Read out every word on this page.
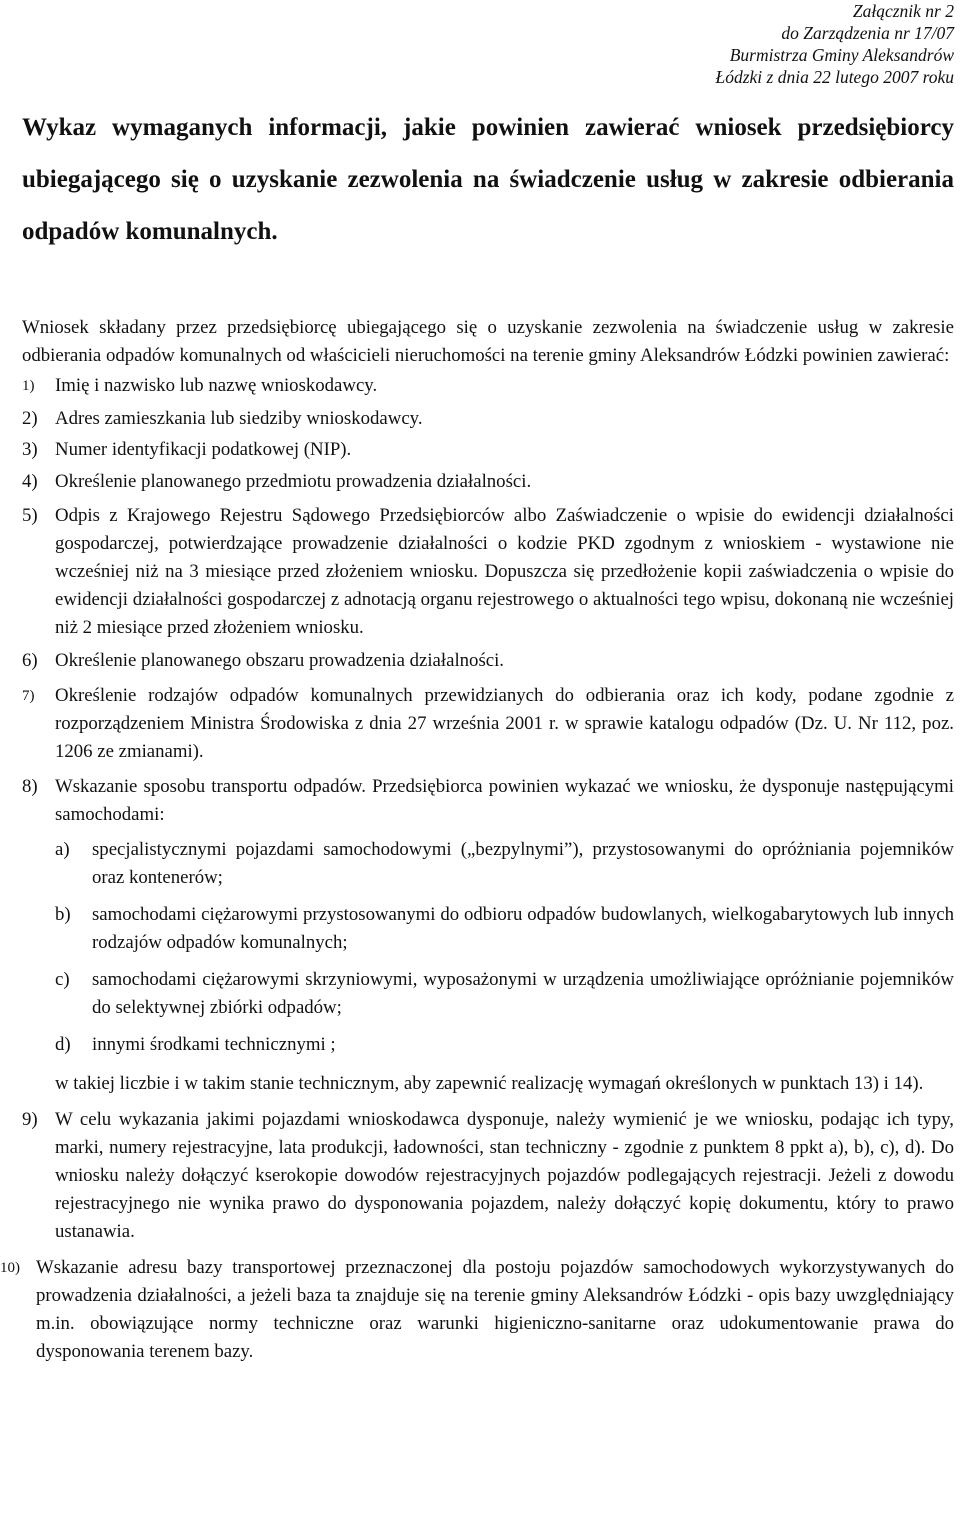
Załącznik nr 2
do Zarządzenia nr 17/07
Burmistrza Gminy Aleksandrów
Łódzki z dnia 22 lutego 2007 roku
Wykaz wymaganych informacji, jakie powinien zawierać wniosek przedsiębiorcy ubiegającego się o uzyskanie zezwolenia na świadczenie usług w zakresie odbierania odpadów komunalnych.
Wniosek składany przez przedsiębiorcę ubiegającego się o uzyskanie zezwolenia na świadczenie usług w zakresie odbierania odpadów komunalnych od właścicieli nieruchomości na terenie gminy Aleksandrów Łódzki powinien zawierać:
1)	Imię i nazwisko lub nazwę wnioskodawcy.
2) Adres zamieszkania lub siedziby wnioskodawcy.
3) Numer identyfikacji podatkowej (NIP).
4) Określenie planowanego przedmiotu prowadzenia działalności.
5) Odpis z Krajowego Rejestru Sądowego Przedsiębiorców albo Zaświadczenie o wpisie do ewidencji działalności gospodarczej, potwierdzające prowadzenie działalności o kodzie PKD zgodnym z wnioskiem - wystawione nie wcześniej niż na 3 miesiące przed złożeniem wniosku. Dopuszcza się przedłożenie kopii zaświadczenia o wpisie do ewidencji działalności gospodarczej z adnotacją organu rejestrowego o aktualności tego wpisu, dokonaną nie wcześniej niż 2 miesiące przed złożeniem wniosku.
6) Określenie planowanego obszaru prowadzenia działalności.
7)	Określenie rodzajów odpadów komunalnych przewidzianych do odbierania oraz ich kody, podane zgodnie z rozporządzeniem Ministra Środowiska z dnia 27 września 2001 r. w sprawie katalogu odpadów (Dz. U. Nr 112, poz. 1206 ze zmianami).
8) Wskazanie sposobu transportu odpadów. Przedsiębiorca powinien wykazać we wniosku, że dysponuje następującymi samochodami:
a)	specjalistycznymi pojazdami samochodowymi („bezpylnymi”), przystosowanymi do opróżniania pojemników oraz kontenerów;
b)	samochodami ciężarowymi przystosowanymi do odbioru odpadów budowlanych, wielkogabarytowych lub innych rodzajów odpadów komunalnych;
c)	samochodami ciężarowymi skrzyniowymi, wyposażonymi w urządzenia umożliwiające opróżnianie pojemników do selektywnej zbiórki odpadów;
d)	innymi środkami technicznymi ;
w takiej liczbie i w takim stanie technicznym, aby zapewnić realizację wymagań określonych w punktach 13) i 14).
9) W celu wykazania jakimi pojazdami wnioskodawca dysponuje, należy wymienić je we wniosku, podając ich typy, marki, numery rejestracyjne, lata produkcji, ładowności, stan techniczny - zgodnie z punktem 8 ppkt a), b), c), d). Do wniosku należy dołączyć kserokopie dowodów rejestracyjnych pojazdów podlegających rejestracji. Jeżeli z dowodu rejestracyjnego nie wynika prawo do dysponowania pojazdem, należy dołączyć kopię dokumentu, który to prawo ustanawia.
10) Wskazanie adresu bazy transportowej przeznaczonej dla postoju pojazdów samochodowych wykorzystywanych do prowadzenia działalności, a jeżeli baza ta znajduje się na terenie gminy Aleksandrów Łódzki - opis bazy uwzględniający m.in. obowiązujące normy techniczne oraz warunki higieniczno-sanitarne oraz udokumentowanie prawa do dysponowania terenem bazy.
